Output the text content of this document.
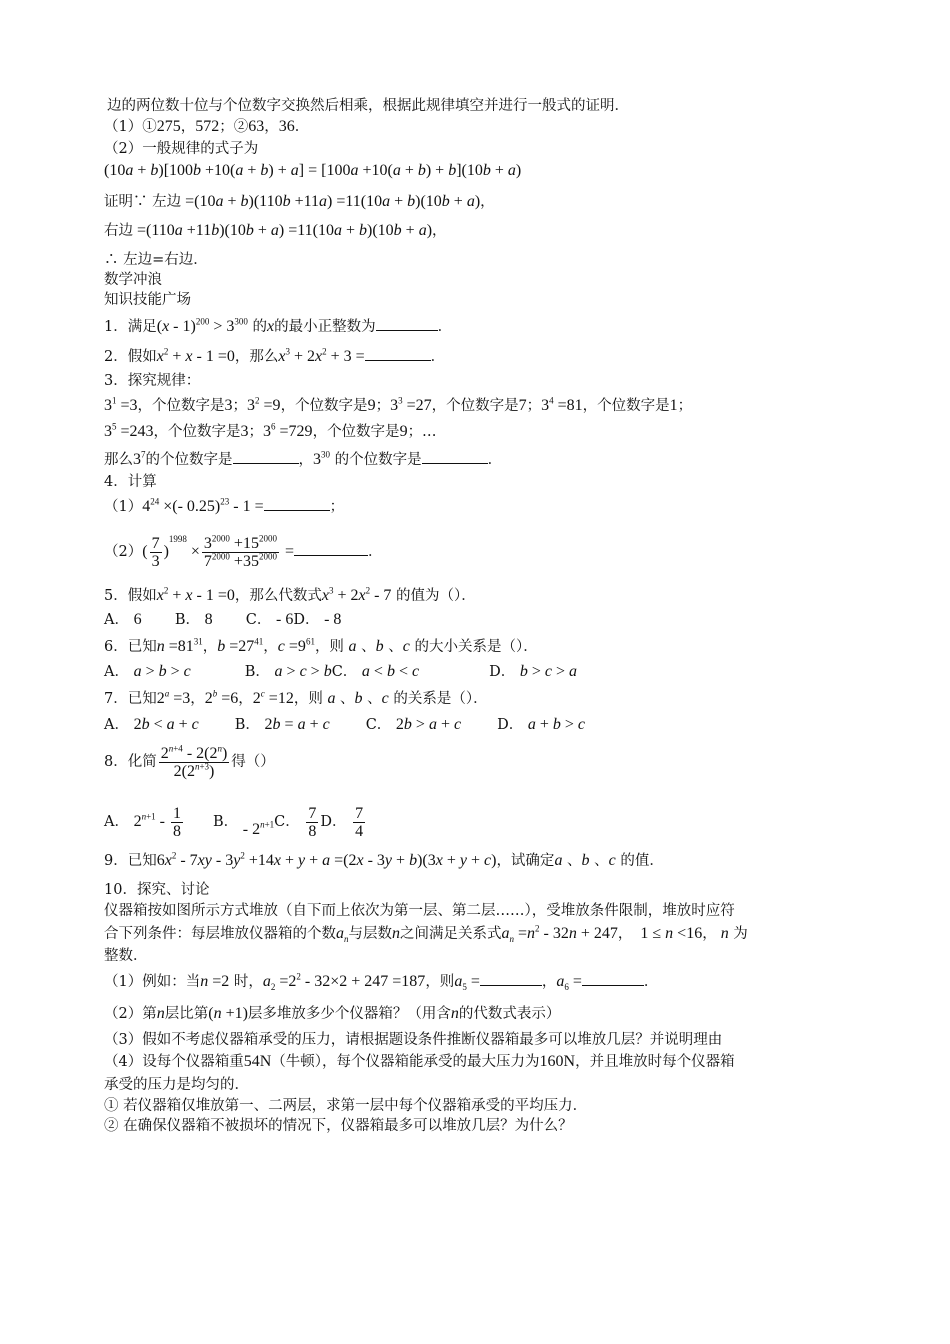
边的两位数十位与个位数字交换然后相乘，根据此规律填空并进行一般式的证明．
（1）①275，572；②63，36．
（2）一般规律的式子为
(10a + b)[100b +10(a + b) + a] = [100a +10(a + b) + b](10b + a)
证明∵ 左边 =(10a + b)(110b +11a) =11(10a + b)(10b + a)，
右边 =(110a +11b)(10b + a) =11(10a + b)(10b + a)，
∴ 左边=右边．
数学冲浪
知识技能广场
1．满足$(x - 1)^{200} > 3^{300}$ 的x的最小正整数为	．
2．假如$x^2 + x - 1 =0$，那么$x^3 + 2x^2 + 3$ =	．
3．探究规律：
$3^1 =3$，个位数字是3；$3^2 =9$，个位数字是9；$3^3 =27$，个位数字是7；$3^4 =81$，个位数字是1；
$3^5 =243$，个位数字是3；$3^6 =729$，个位数字是9；…
那么$3^7$的个位数字是	，$3^{30}$ 的个位数字是	．
4．计算
$(1)4^{24}$ ×(- 0.25)$^{23}$ - 1 =	；
$(2)( \frac{7}{3} )^{1998} \times \frac{3^{2000} +15^{2000}}{7^{2000} +35^{2000}}$ =	．
5．假如$x^2 + x - 1 =0$，那么代数式$x^3 + 2x^2 - 7$ 的值为（）．
A． 6 B． 8 C． - 6D． - 8
6．已知$n =81^{31}$，$b =27^{41}$，$c =9^{61}$，则 a 、b 、c 的大小关系是（）．
A． a > b > c	B． a > c > bC． a < b < c	D． b > c > a
7．已知$2^a =3$，$2^b =6$，$2^c =12$，则 a 、b 、c 的关系是（）．
A． 2b < a + c B． 2b = a + c C． 2b > a + c D． a + b > c
8．化简 $\frac{2^{n+4} - 2(2^n)}{2(2^{n+3})}$ 得（）
A． $2^{n+1} - \frac{1}{8}$ B． - $2^{n+1}C$． $\frac{7}{8}$ D． $\frac{7}{4}$
9．已知$6x^2 - 7xy - 3y^2 +14x + y + a =(2x - 3y + b)(3x + y + c)$，试确定a 、b 、c 的值．
10．探究、讨论
仪器箱按如图所示方式堆放（自下而上依次为第一层、第二层……），受堆放条件限制，堆放时应符
合下列条件：每层堆放仪器箱的个数$a_n$与层数n之间满足关系式$a_n =n^2 - 32n + 247$， 1 ≤ n <16， n 为
整数．
（1）例如：当n =2 时，$a_2 =2^2 - 32\times 2 + 247 =187$，则$a_5$ =	，$a_6$ =	．
（2）第n层比第(n +1)层多堆放多少个仪器箱？（用含n的代数式表示）
（3）假如不考虑仪器箱承受的压力，请根据题设条件推断仪器箱最多可以堆放几层？并说明理由
（4）设每个仪器箱重54N（牛顿），每个仪器箱能承受的最大压力为160N，并且堆放时每个仪器箱
承受的压力是均匀的．
① 若仪器箱仅堆放第一、二两层，求第一层中每个仪器箱承受的平均压力．
② 在确保仪器箱不被损坏的情况下，仪器箱最多可以堆放几层？为什么？
